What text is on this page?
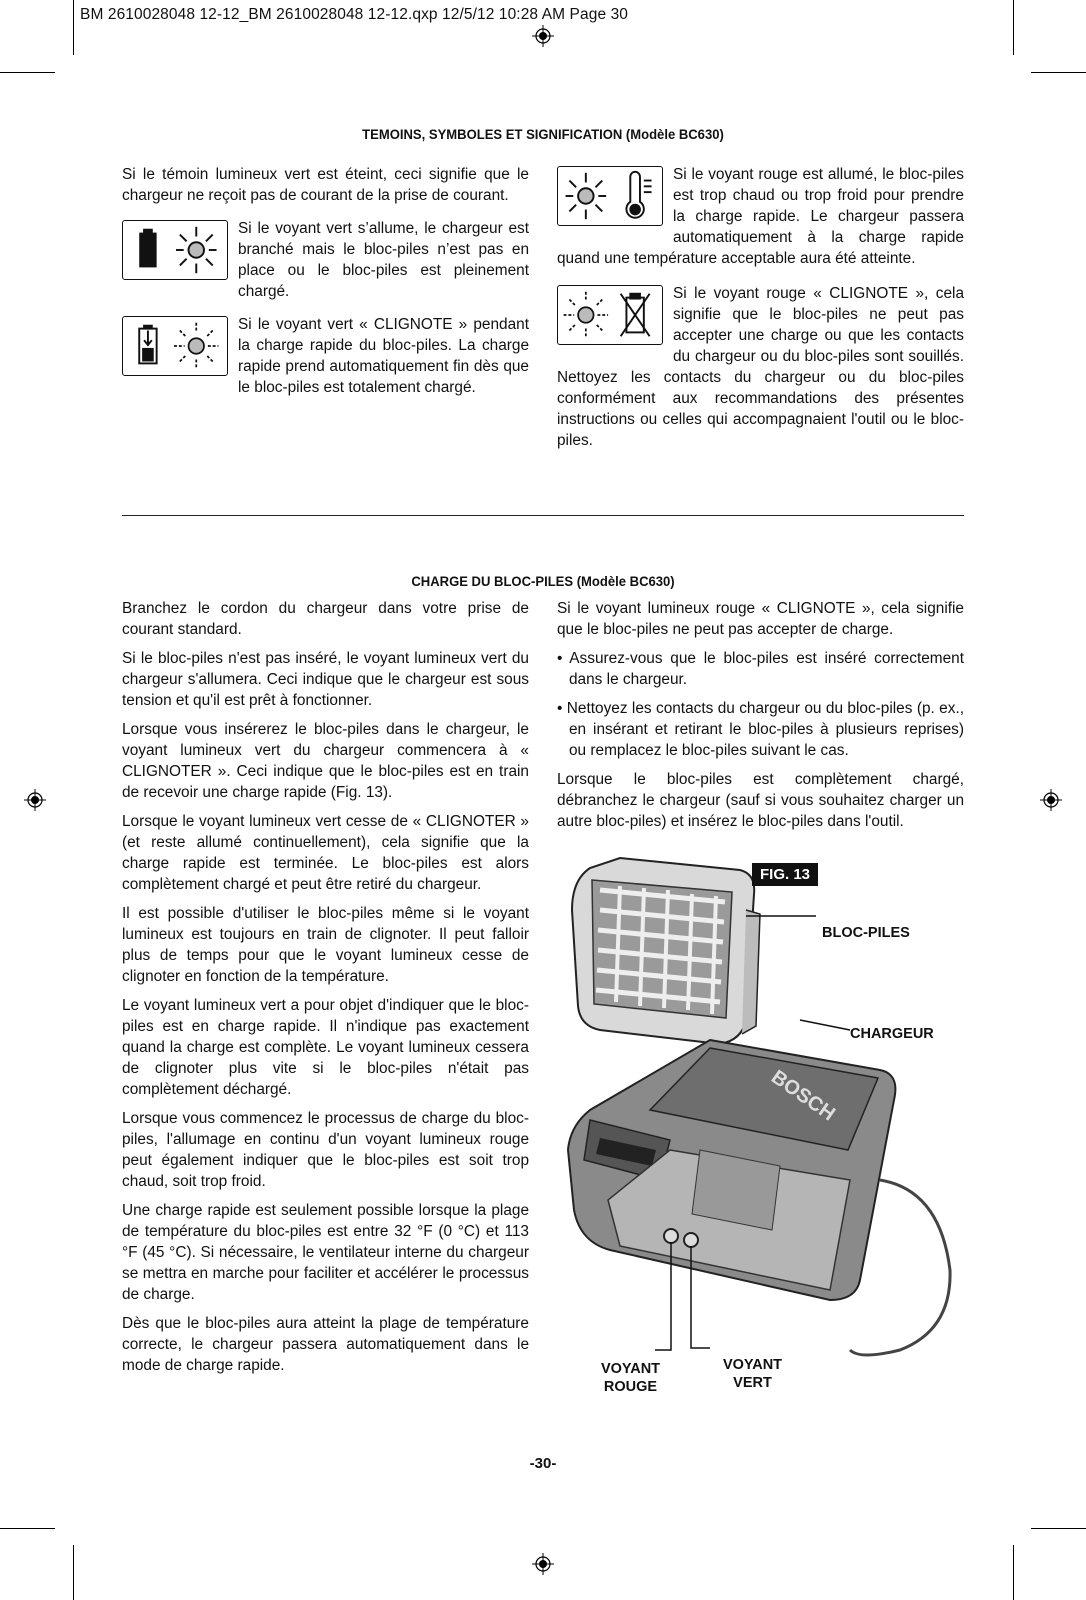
BM 2610028048 12-12_BM 2610028048 12-12.qxp 12/5/12 10:28 AM Page 30
TEMOINS, SYMBOLES ET SIGNIFICATION (Modèle BC630)

Si le témoin lumineux vert est éteint, ceci signifie que le chargeur ne reçoit pas de courant de la prise de courant.

Si le voyant vert s’allume, le chargeur est branché mais le bloc-piles n’est pas en place ou le bloc-piles est pleinement chargé.

Si le voyant vert « CLIGNOTE » pendant la charge rapide du bloc-piles. La charge rapide prend automatiquement fin dès que le bloc-piles est totalement chargé.

Si le voyant rouge est allumé, le bloc-piles est trop chaud ou trop froid pour prendre la charge rapide. Le chargeur passera automatiquement à la charge rapide quand une température acceptable aura été atteinte.

Si le voyant rouge « CLIGNOTE », cela signifie que le bloc-piles ne peut pas accepter une charge ou que les contacts du chargeur ou du bloc-piles sont souillés. Nettoyez les contacts du chargeur ou du bloc-piles conformément aux recommandations des présentes instructions ou celles qui accompagnaient l'outil ou le bloc-piles.

CHARGE DU BLOC-PILES (Modèle BC630)

Branchez le cordon du chargeur dans votre prise de courant standard.

Si le bloc-piles n'est pas inséré, le voyant lumineux vert du chargeur s'allumera. Ceci indique que le chargeur est sous tension et qu'il est prêt à fonctionner.

Lorsque vous insérerez le bloc-piles dans le chargeur, le voyant lumineux vert du chargeur commencera à « CLIGNOTER ». Ceci indique que le bloc-piles est en train de recevoir une charge rapide (Fig. 13).

Lorsque le voyant lumineux vert cesse de « CLIGNOTER » (et reste allumé continuellement), cela signifie que la charge rapide est terminée. Le bloc-piles est alors complètement chargé et peut être retiré du chargeur.

Il est possible d'utiliser le bloc-piles même si le voyant lumineux est toujours en train de clignoter. Il peut falloir plus de temps pour que le voyant lumineux cesse de clignoter en fonction de la température.

Le voyant lumineux vert a pour objet d'indiquer que le bloc-piles est en charge rapide. Il n'indique pas exactement quand la charge est complète. Le voyant lumineux cessera de clignoter plus vite si le bloc-piles n'était pas complètement déchargé.

Lorsque vous commencez le processus de charge du bloc-piles, l'allumage en continu d'un voyant lumineux rouge peut également indiquer que le bloc-piles est soit trop chaud, soit trop froid.

Une charge rapide est seulement possible lorsque la plage de température du bloc-piles est entre 32 °F (0 °C) et 113 °F (45 °C). Si nécessaire, le ventilateur interne du chargeur se mettra en marche pour faciliter et accélérer le processus de charge.

Dès que le bloc-piles aura atteint la plage de température correcte, le chargeur passera automatiquement dans le mode de charge rapide.

Si le voyant lumineux rouge « CLIGNOTE », cela signifie que le bloc-piles ne peut pas accepter de charge.

• Assurez-vous que le bloc-piles est inséré correctement dans le chargeur.

• Nettoyez les contacts du chargeur ou du bloc-piles (p. ex., en insérant et retirant le bloc-piles à plusieurs reprises) ou remplacez le bloc-piles suivant le cas.

Lorsque le bloc-piles est complètement chargé, débranchez le chargeur (sauf si vous souhaitez charger un autre bloc-piles) et insérez le bloc-piles dans l'outil.

BOSCH
FIG. 13
BLOC-PILES
CHARGEUR
VOYANT
ROUGE
VOYANT
VERT
-30-
